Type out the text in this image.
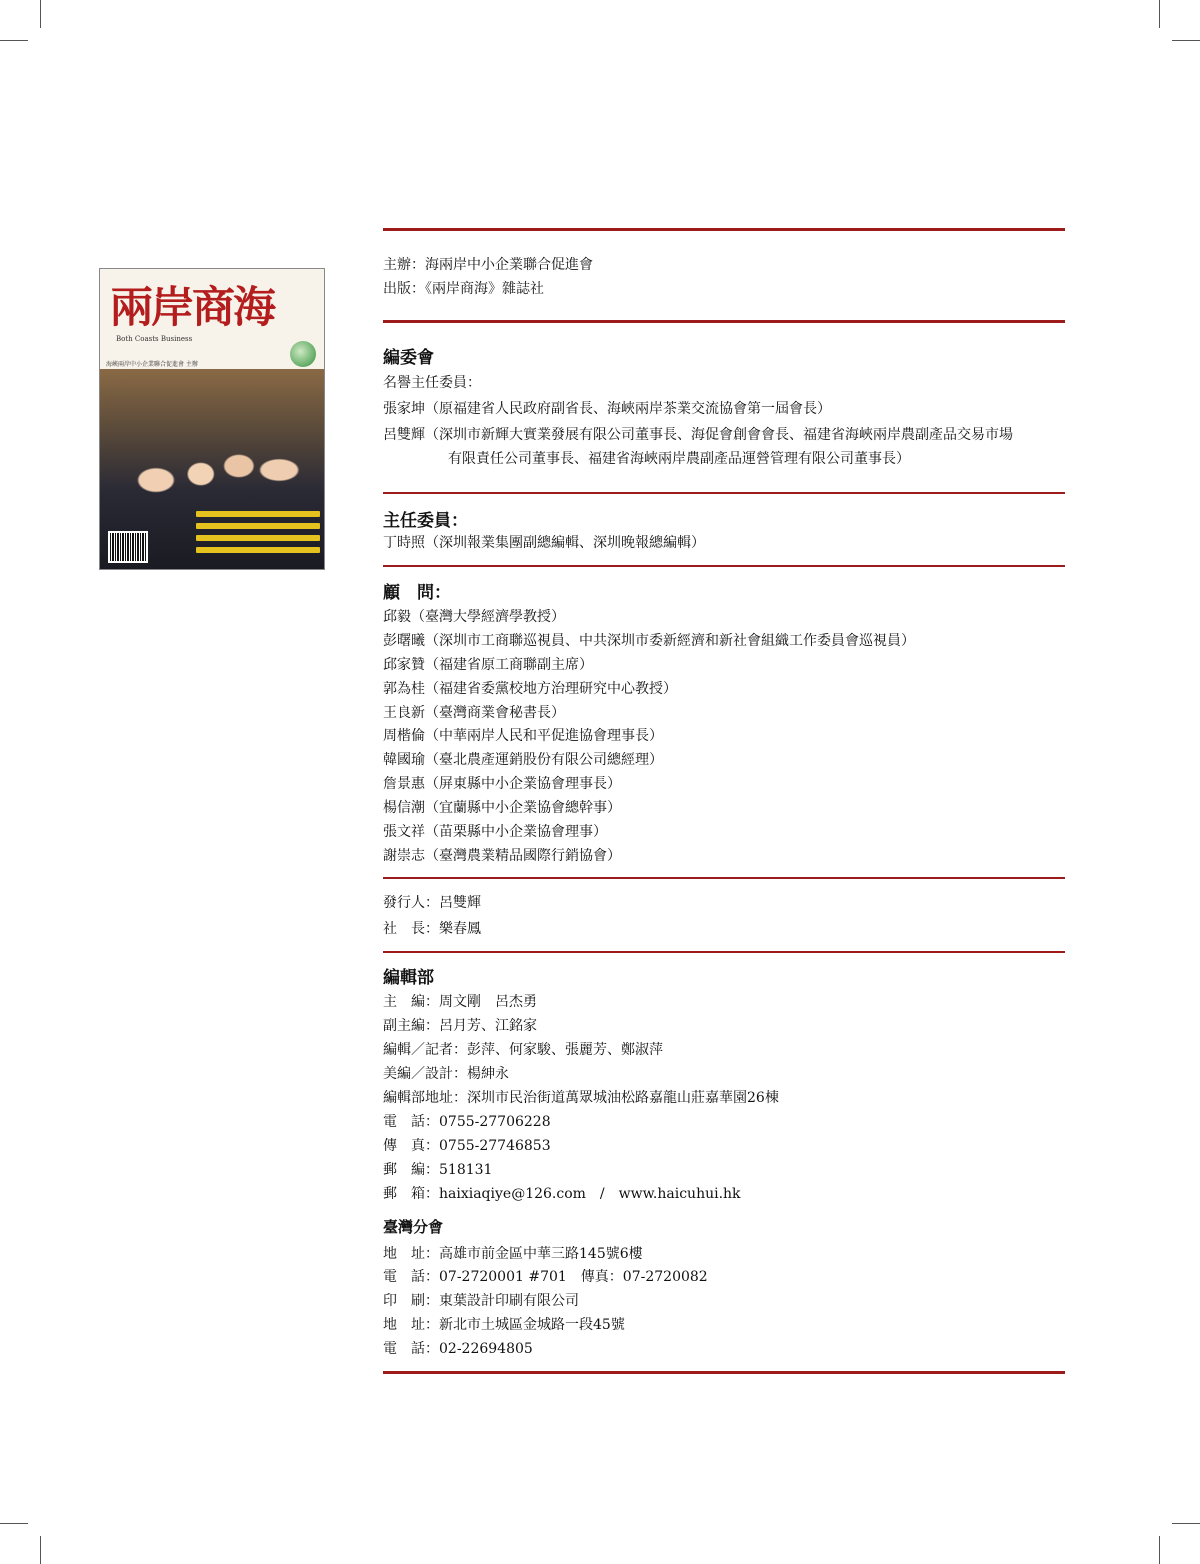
兩岸商海
Both Coasts Business
海峽兩岸中小企業聯合促進會 主辦
主辦：海兩岸中小企業聯合促進會
出版：《兩岸商海》雜誌社
編委會
名譽主任委員：
張家坤（原福建省人民政府副省長、海峽兩岸茶業交流協會第一屆會長）
呂雙輝（深圳市新輝大實業發展有限公司董事長、海促會創會會長、福建省海峽兩岸農副產品交易市場
有限責任公司董事長、福建省海峽兩岸農副產品運營管理有限公司董事長）
主任委員：
丁時照（深圳報業集團副總編輯、深圳晚報總編輯）
顧　問：
邱毅（臺灣大學經濟學教授）
彭曙曦（深圳市工商聯巡視員、中共深圳市委新經濟和新社會組織工作委員會巡視員）
邱家贊（福建省原工商聯副主席）
郭為桂（福建省委黨校地方治理研究中心教授）
王良新（臺灣商業會秘書長）
周楷倫（中華兩岸人民和平促進協會理事長）
韓國瑜（臺北農產運銷股份有限公司總經理）
詹景惠（屏東縣中小企業協會理事長）
楊信潮（宜蘭縣中小企業協會總幹事）
張文祥（苗栗縣中小企業協會理事）
謝崇志（臺灣農業精品國際行銷協會）
發行人：呂雙輝
社　長：樂春鳳
編輯部
主　編：周文剛　呂杰勇
副主編：呂月芳、江銘家
編輯／記者：彭萍、何家駿、張麗芳、鄭淑萍
美編／設計：楊紳永
編輯部地址：深圳市民治街道萬眾城油松路嘉龍山莊嘉華園26棟
電　話：0755-27706228
傳　真：0755-27746853
郵　編：518131
郵　箱：haixiaqiye@126.com　/　www.haicuhui.hk
臺灣分會
地　址：高雄市前金區中華三路145號6樓
電　話：07-2720001 #701　傳真：07-2720082
印　刷：東葉設計印刷有限公司
地　址：新北市土城區金城路一段45號
電　話：02-22694805
